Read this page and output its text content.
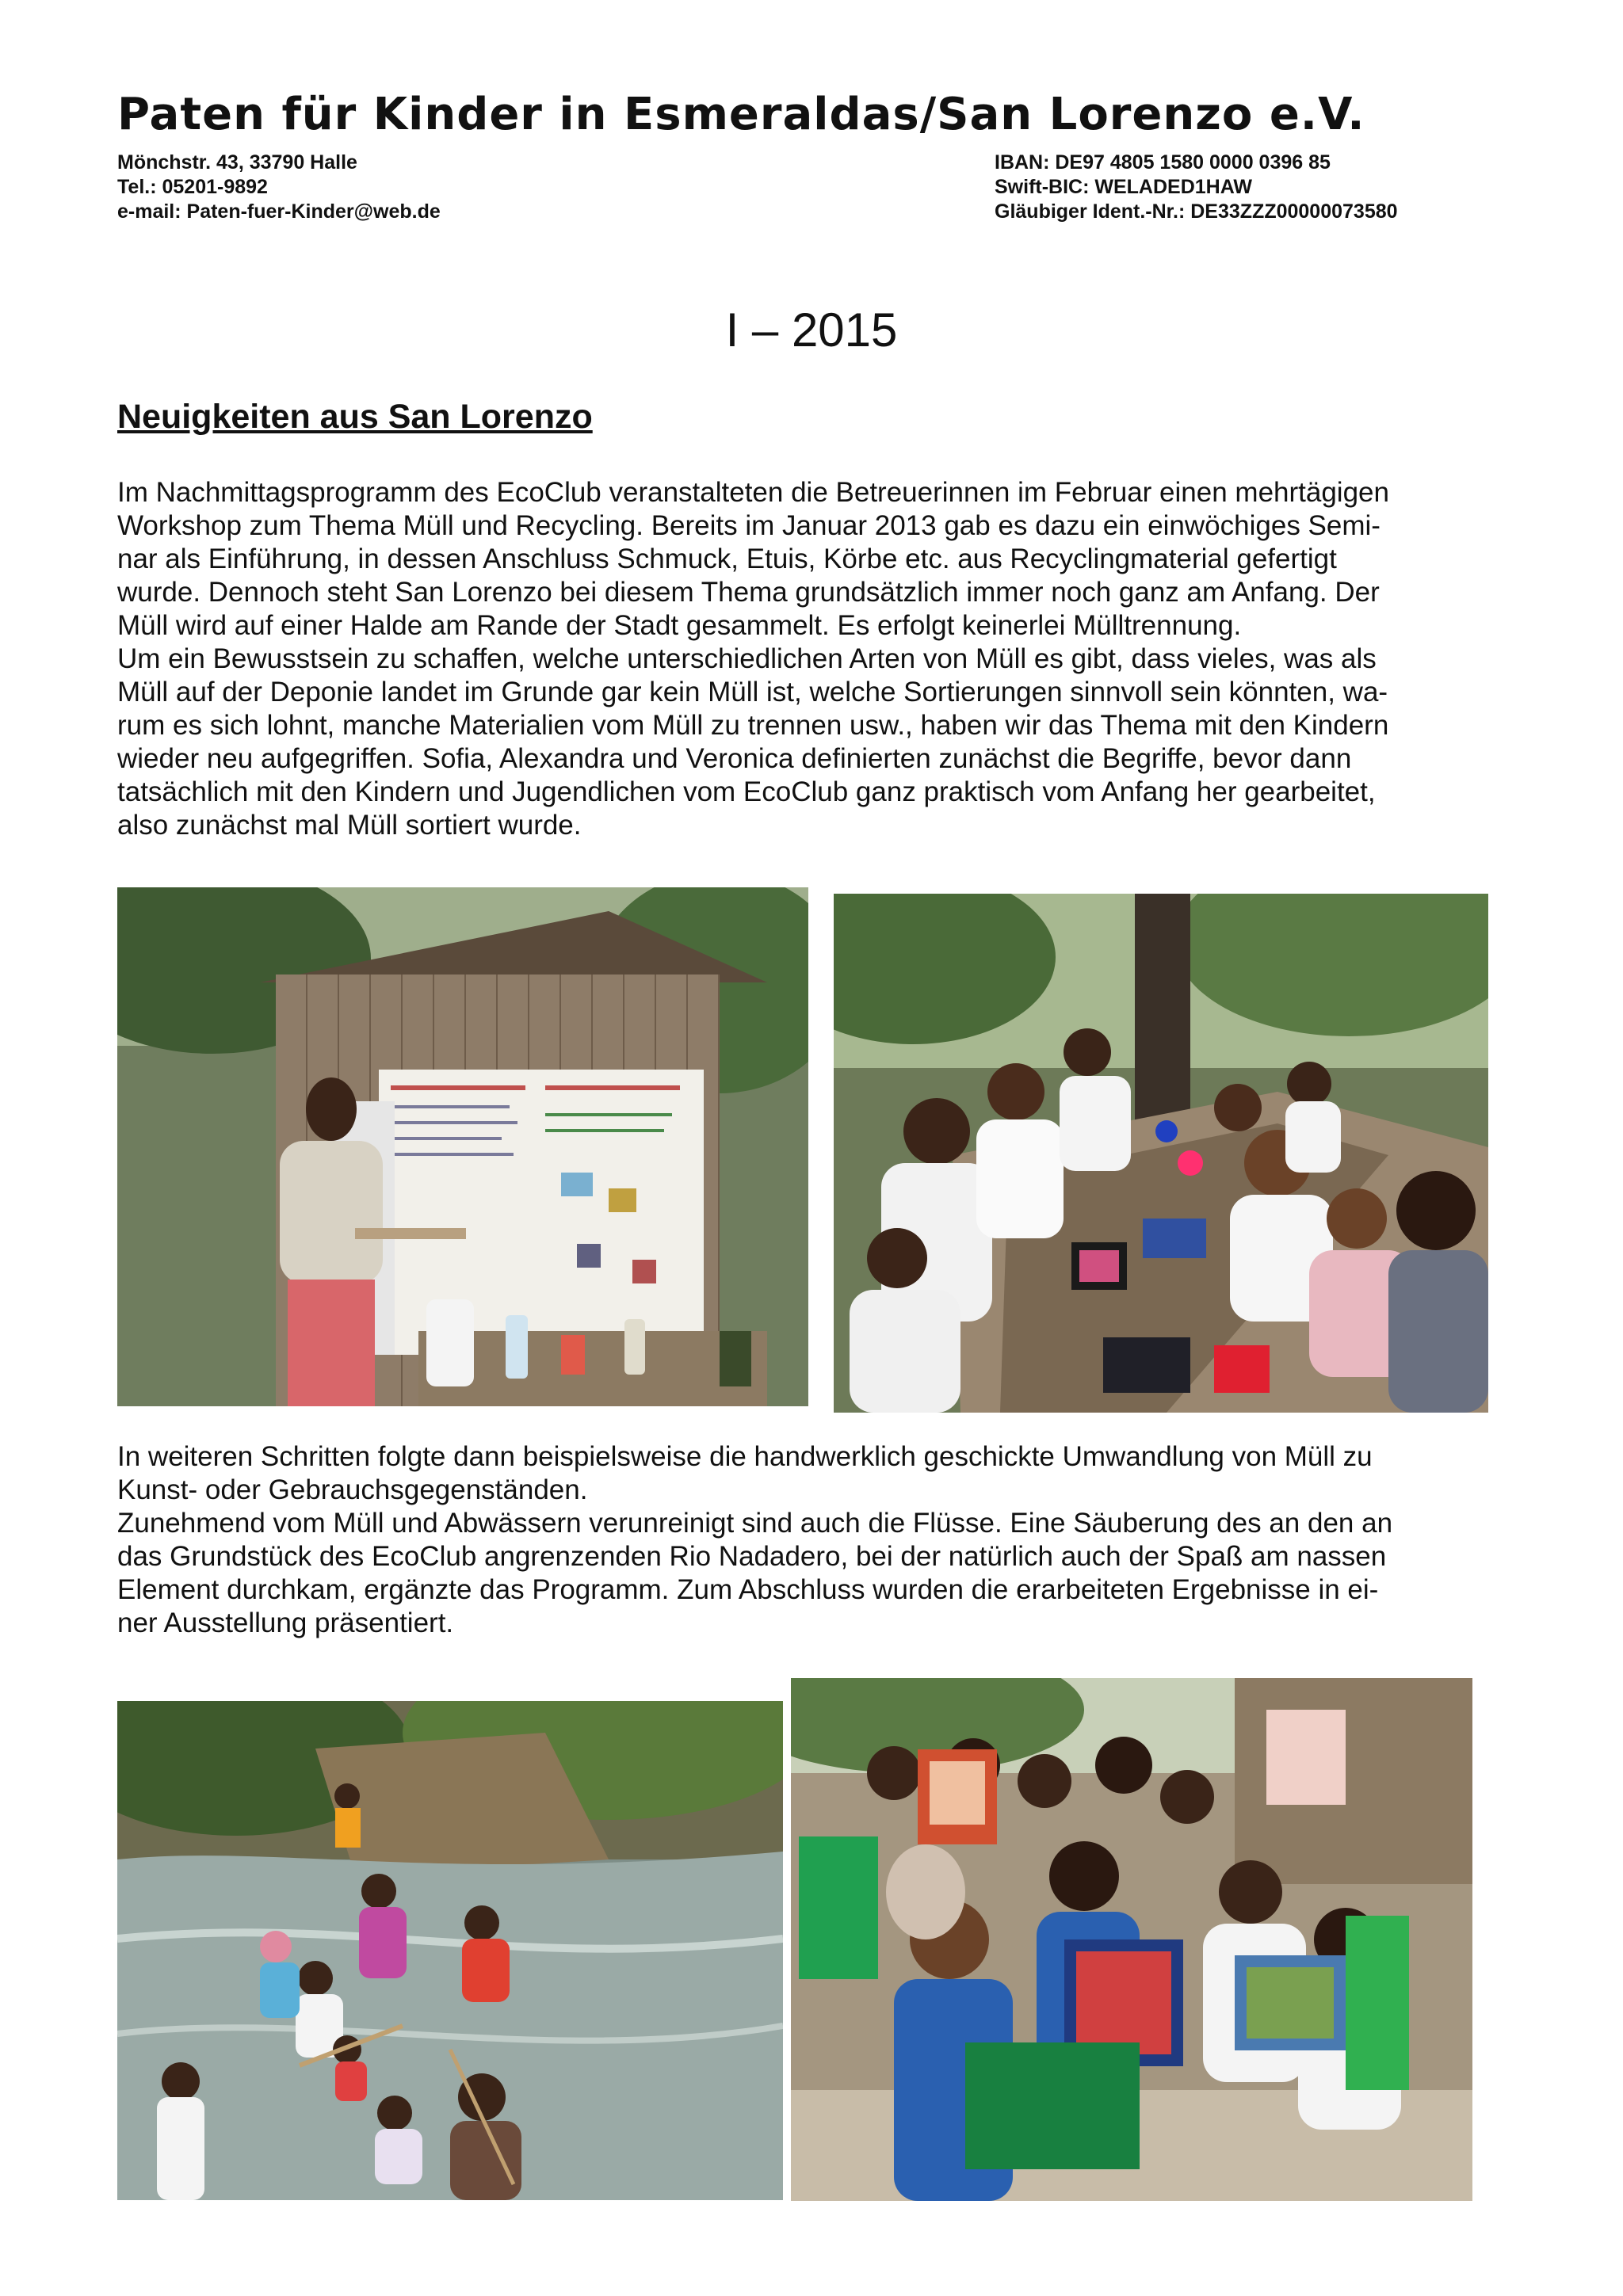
Paten für Kinder in Esmeraldas/San Lorenzo e.V.
Mönchstr. 43, 33790 Halle
Tel.: 05201-9892
e-mail: Paten-fuer-Kinder@web.de
IBAN: DE97 4805 1580 0000 0396 85
Swift-BIC: WELADED1HAW
Gläubiger Ident.-Nr.: DE33ZZZ00000073580
I – 2015
Neuigkeiten aus San Lorenzo
Im Nachmittagsprogramm des EcoClub veranstalteten die Betreuerinnen im Februar einen mehrtägigen
Workshop zum Thema Müll und Recycling. Bereits im Januar 2013 gab es dazu ein einwöchiges Semi-
nar als Einführung, in dessen Anschluss Schmuck, Etuis, Körbe etc. aus Recyclingmaterial gefertigt
wurde. Dennoch steht San Lorenzo bei diesem Thema grundsätzlich immer noch ganz am Anfang. Der
Müll wird auf einer Halde am Rande der Stadt gesammelt. Es erfolgt keinerlei Mülltrennung.
Um ein Bewusstsein zu schaffen, welche unterschiedlichen Arten von Müll es gibt, dass vieles, was als
Müll auf der Deponie landet im Grunde gar kein Müll ist, welche Sortierungen sinnvoll sein könnten, wa-
rum es sich lohnt, manche Materialien vom Müll zu trennen usw., haben wir das Thema mit den Kindern
wieder neu aufgegriffen. Sofia, Alexandra und Veronica definierten zunächst die Begriffe, bevor dann
tatsächlich mit den Kindern und Jugendlichen vom EcoClub ganz praktisch vom Anfang her gearbeitet,
also zunächst mal Müll sortiert wurde.
In weiteren Schritten folgte dann beispielsweise die handwerklich geschickte Umwandlung von Müll zu
Kunst- oder Gebrauchsgegenständen.
Zunehmend vom Müll und Abwässern verunreinigt sind auch die Flüsse. Eine Säuberung des an den an
das Grundstück des EcoClub angrenzenden Rio Nadadero, bei der natürlich auch der Spaß am nassen
Element durchkam, ergänzte das Programm. Zum Abschluss wurden die erarbeiteten Ergebnisse in ei-
ner Ausstellung präsentiert.
